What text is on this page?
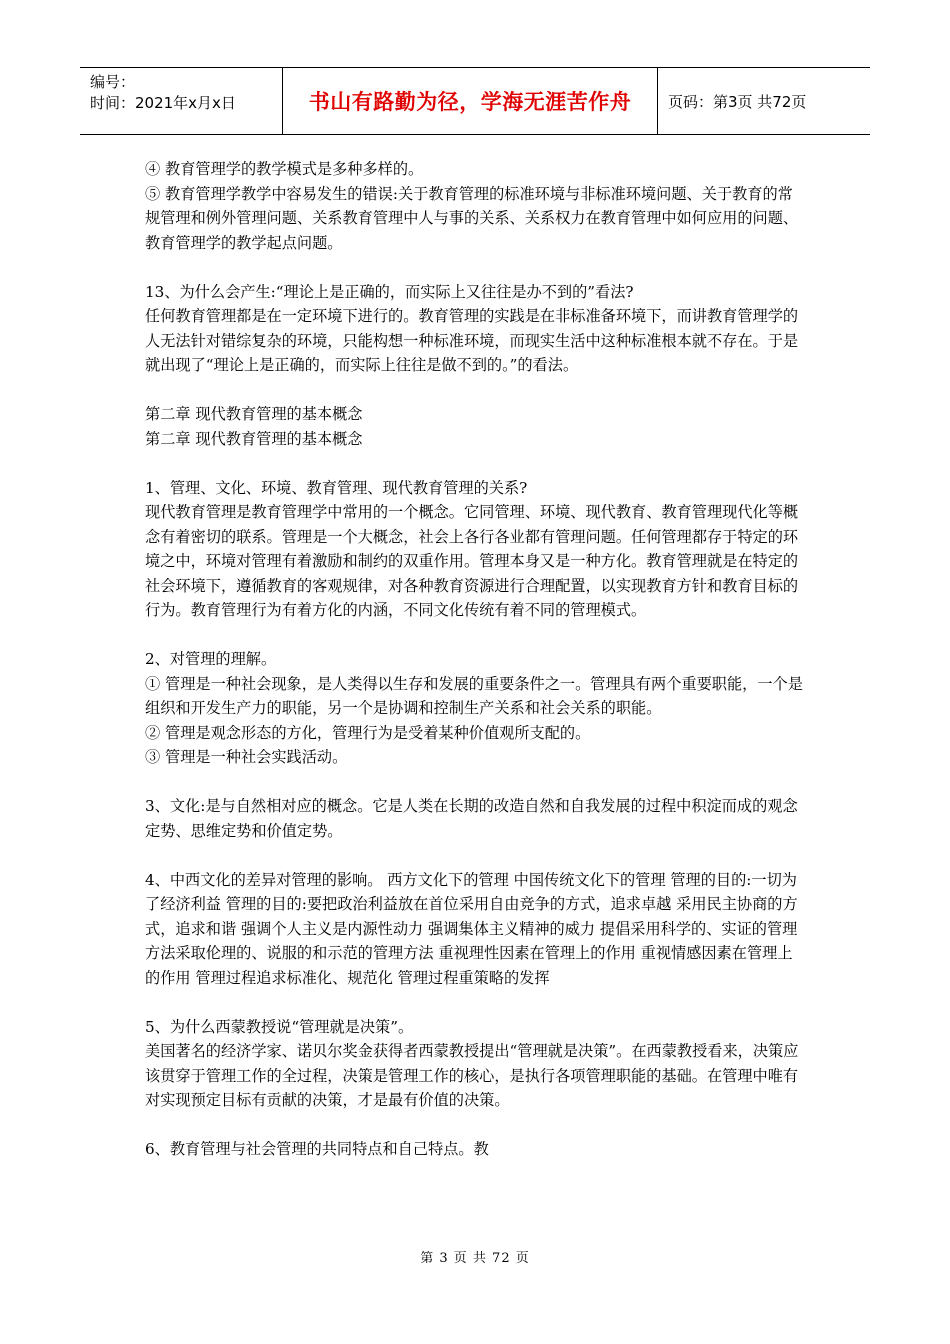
编号：
时间：2021年x月x日	书山有路勤为径，学海无涯苦作舟	页码：第3页 共72页

④ 教育管理学的教学模式是多种多样的。

⑤ 教育管理学教学中容易发生的错误:关于教育管理的标准环境与非标准环境问题、关于教育的常规管理和例外管理问题、关系教育管理中人与事的关系、关系权力在教育管理中如何应用的问题、教育管理学的教学起点问题。

13、为什么会产生:“理论上是正确的，而实际上又往往是办不到的”看法?

任何教育管理都是在一定环境下进行的。教育管理的实践是在非标准备环境下，而讲教育管理学的人无法针对错综复杂的环境，只能构想一种标准环境，而现实生活中这种标准根本就不存在。于是就出现了“理论上是正确的，而实际上往往是做不到的。”的看法。

第二章 现代教育管理的基本概念

第二章 现代教育管理的基本概念

1、管理、文化、环境、教育管理、现代教育管理的关系?

现代教育管理是教育管理学中常用的一个概念。它同管理、环境、现代教育、教育管理现代化等概念有着密切的联系。管理是一个大概念，社会上各行各业都有管理问题。任何管理都存于特定的环境之中，环境对管理有着激励和制约的双重作用。管理本身又是一种方化。教育管理就是在特定的社会环境下，遵循教育的客观规律，对各种教育资源进行合理配置，以实现教育方针和教育目标的行为。教育管理行为有着方化的内涵，不同文化传统有着不同的管理模式。

2、对管理的理解。

① 管理是一种社会现象，是人类得以生存和发展的重要条件之一。管理具有两个重要职能，一个是组织和开发生产力的职能，另一个是协调和控制生产关系和社会关系的职能。

② 管理是观念形态的方化，管理行为是受着某种价值观所支配的。

③ 管理是一种社会实践活动。

3、文化:是与自然相对应的概念。它是人类在长期的改造自然和自我发展的过程中积淀而成的观念定势、思维定势和价值定势。

4、中西文化的差异对管理的影响。 西方文化下的管理 中国传统文化下的管理 管理的目的:一切为了经济利益 管理的目的:要把政治利益放在首位采用自由竞争的方式，追求卓越 采用民主协商的方式，追求和谐 强调个人主义是内源性动力 强调集体主义精神的威力 提倡采用科学的、实证的管理方法采取伦理的、说服的和示范的管理方法 重视理性因素在管理上的作用 重视情感因素在管理上的作用 管理过程追求标准化、规范化 管理过程重策略的发挥

5、为什么西蒙教授说“管理就是决策”。

美国著名的经济学家、诺贝尔奖金获得者西蒙教授提出“管理就是决策”。在西蒙教授看来，决策应该贯穿于管理工作的全过程，决策是管理工作的核心，是执行各项管理职能的基础。在管理中唯有对实现预定目标有贡献的决策，才是最有价值的决策。

6、教育管理与社会管理的共同特点和自己特点。教

第 3 页 共 72 页
